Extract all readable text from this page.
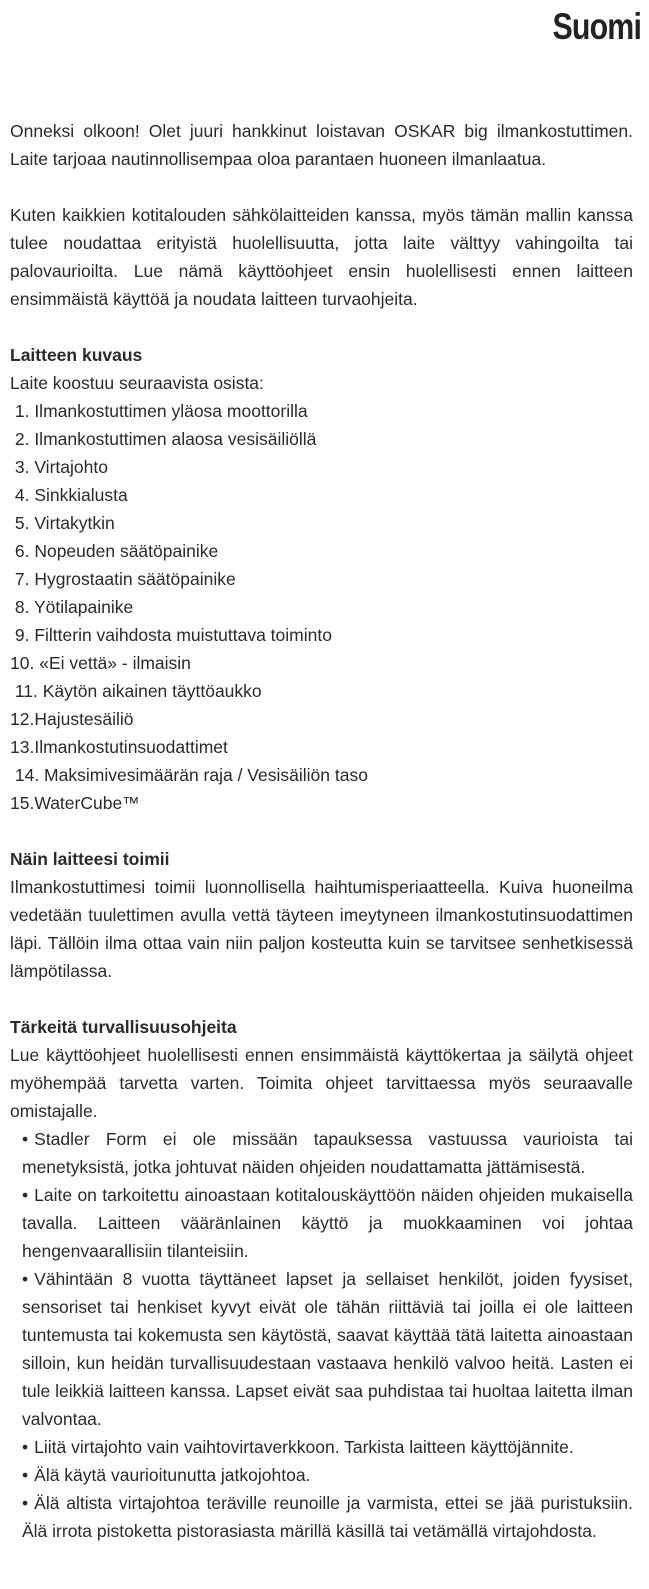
Suomi

Onneksi olkoon! Olet juuri hankkinut loistavan OSKAR big ilmankostuttimen. Laite tarjoaa nautinnollisempaa oloa parantaen huoneen ilmanlaatua.

Kuten kaikkien kotitalouden sähkölaitteiden kanssa, myös tämän mallin kanssa tulee noudattaa erityistä huolellisuutta, jotta laite välttyy vahingoilta tai palovaurioilta. Lue nämä käyttöohjeet ensin huolellisesti ennen laitteen ensimmäistä käyttöä ja noudata laitteen turvaohjeita.

Laitteen kuvaus

Laite koostuu seuraavista osista:

1. Ilmankostuttimen yläosa moottorilla
2. Ilmankostuttimen alaosa vesisäiliöllä
3. Virtajohto
4. Sinkkialusta
5. Virtakytkin
6. Nopeuden säätöpainike
7. Hygrostaatin säätöpainike
8. Yötilapainike
9. Filtterin vaihdosta muistuttava toiminto
10. «Ei vettä» - ilmaisin
11. Käytön aikainen täyttöaukko
12.Hajustesäiliö
13.Ilmankostutinsuodattimet
14. Maksimivesimäärän raja / Vesisäiliön taso
15.WaterCube™

Näin laitteesi toimii

Ilmankostuttimesi toimii luonnollisella haihtumisperiaatteella. Kuiva huoneilma vedetään tuulettimen avulla vettä täyteen imeytyneen ilmankostutinsuodattimen läpi. Tällöin ilma ottaa vain niin paljon kosteutta kuin se tarvitsee senhetkisessä lämpötilassa.

Tärkeitä turvallisuusohjeita

Lue käyttöohjeet huolellisesti ennen ensimmäistä käyttökertaa ja säilytä ohjeet myöhempää tarvetta varten. Toimita ohjeet tarvittaessa myös seuraavalle omistajalle.

• Stadler Form ei ole missään tapauksessa vastuussa vaurioista tai menetyksistä, jotka johtuvat näiden ohjeiden noudattamatta jättämisestä.
• Laite on tarkoitettu ainoastaan kotitalouskäyttöön näiden ohjeiden mukaisella tavalla. Laitteen vääränlainen käyttö ja muokkaaminen voi johtaa hengenvaarallisiin tilanteisiin.
• Vähintään 8 vuotta täyttäneet lapset ja sellaiset henkilöt, joiden fyysiset, sensoriset tai henkiset kyvyt eivät ole tähän riittäviä tai joilla ei ole laitteen tuntemusta tai kokemusta sen käytöstä, saavat käyttää tätä laitetta ainoastaan silloin, kun heidän turvallisuudestaan vastaava henkilö valvoo heitä. Lasten ei tule leikkiä laitteen kanssa. Lapset eivät saa puhdistaa tai huoltaa laitetta ilman valvontaa.
• Liitä virtajohto vain vaihtovirtaverkkoon. Tarkista laitteen käyttöjännite.
• Älä käytä vaurioitunutta jatkojohtoa.
• Älä altista virtajohtoa teräville reunoille ja varmista, ettei se jää puristuksiin. Älä irrota pistoketta pistorasiasta märillä käsillä tai vetämällä virtajohdosta.
